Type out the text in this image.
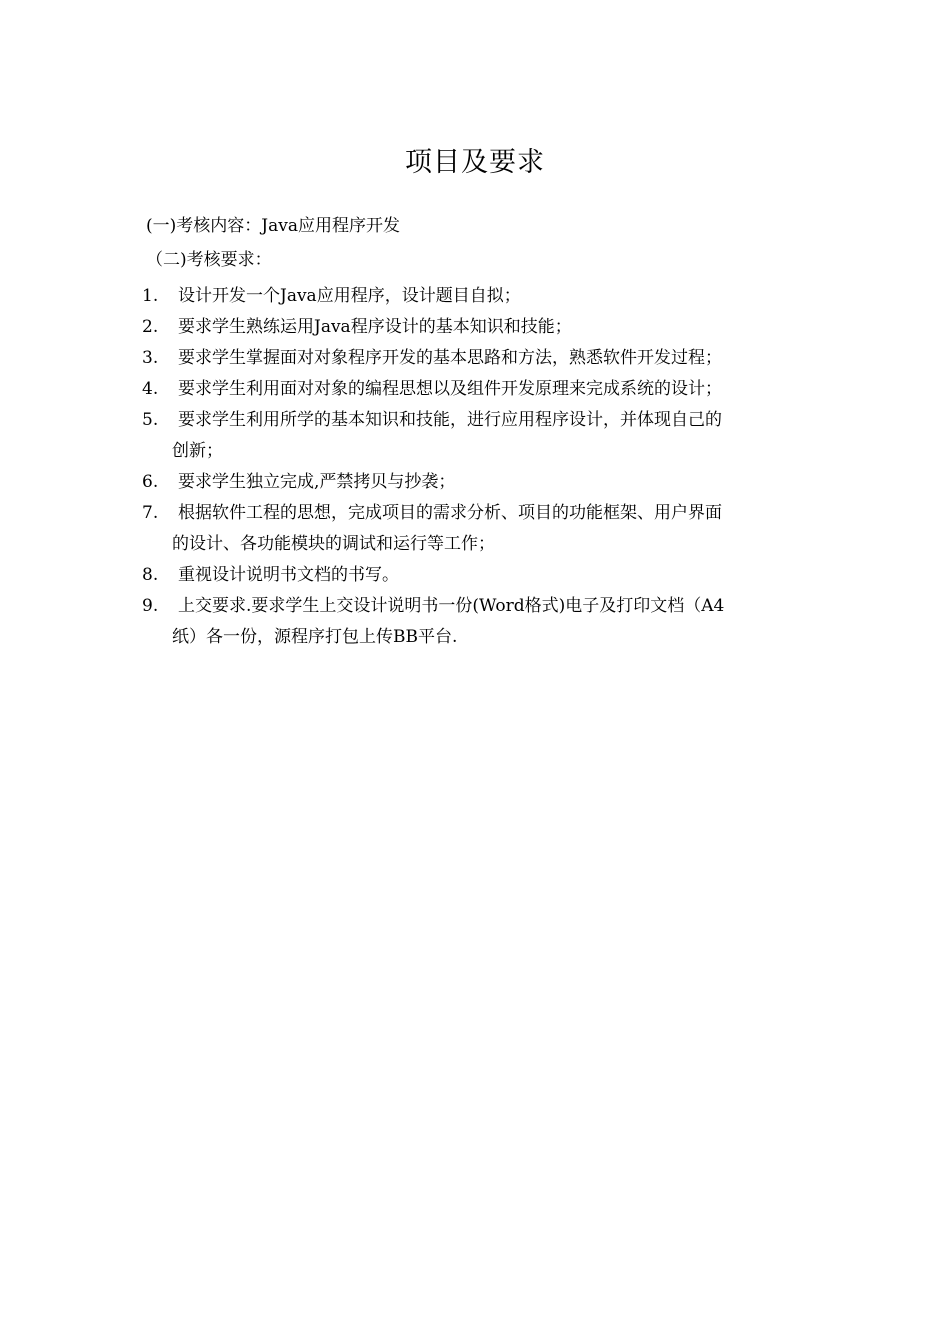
项目及要求
(一)考核内容：Java应用程序开发
（二)考核要求：
1.	设计开发一个Java应用程序，设计题目自拟；
2.	要求学生熟练运用Java程序设计的基本知识和技能；
3.	要求学生掌握面对对象程序开发的基本思路和方法，熟悉软件开发过程；
4.	要求学生利用面对对象的编程思想以及组件开发原理来完成系统的设计；
5.	要求学生利用所学的基本知识和技能，进行应用程序设计，并体现自己的
创新；
6.	要求学生独立完成,严禁拷贝与抄袭；
7.	根据软件工程的思想，完成项目的需求分析、项目的功能框架、用户界面
的设计、各功能模块的调试和运行等工作；
8.	重视设计说明书文档的书写。
9.	上交要求.要求学生上交设计说明书一份(Word格式)电子及打印文档（A4
纸）各一份，源程序打包上传BB平台.
